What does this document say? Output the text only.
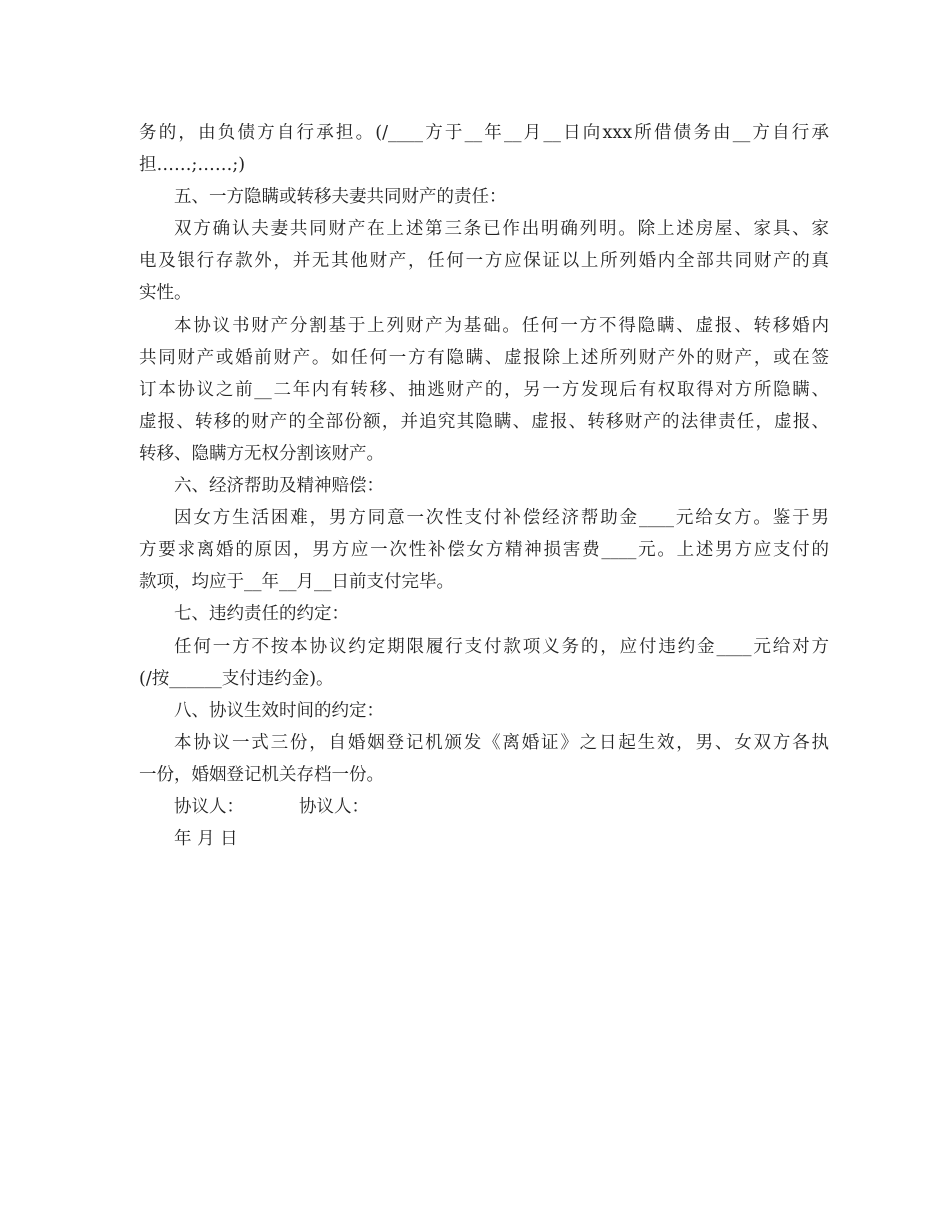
务的，由负债方自行承担。(/____方于__年__月__日向xxx所借债务由__方自行承
担……;……;)
五、一方隐瞒或转移夫妻共同财产的责任：
双方确认夫妻共同财产在上述第三条已作出明确列明。除上述房屋、家具、家
电及银行存款外，并无其他财产，任何一方应保证以上所列婚内全部共同财产的真
实性。
本协议书财产分割基于上列财产为基础。任何一方不得隐瞒、虚报、转移婚内
共同财产或婚前财产。如任何一方有隐瞒、虚报除上述所列财产外的财产，或在签
订本协议之前__二年内有转移、抽逃财产的，另一方发现后有权取得对方所隐瞒、
虚报、转移的财产的全部份额，并追究其隐瞒、虚报、转移财产的法律责任，虚报、
转移、隐瞒方无权分割该财产。
六、经济帮助及精神赔偿：
因女方生活困难，男方同意一次性支付补偿经济帮助金____元给女方。鉴于男
方要求离婚的原因，男方应一次性补偿女方精神损害费____元。上述男方应支付的
款项，均应于__年__月__日前支付完毕。
七、违约责任的约定：
任何一方不按本协议约定期限履行支付款项义务的，应付违约金____元给对方
(/按______支付违约金)。
八、协议生效时间的约定：
本协议一式三份，自婚姻登记机颁发《离婚证》之日起生效，男、女双方各执
一份，婚姻登记机关存档一份。
协议人：	协议人：
年 月 日
